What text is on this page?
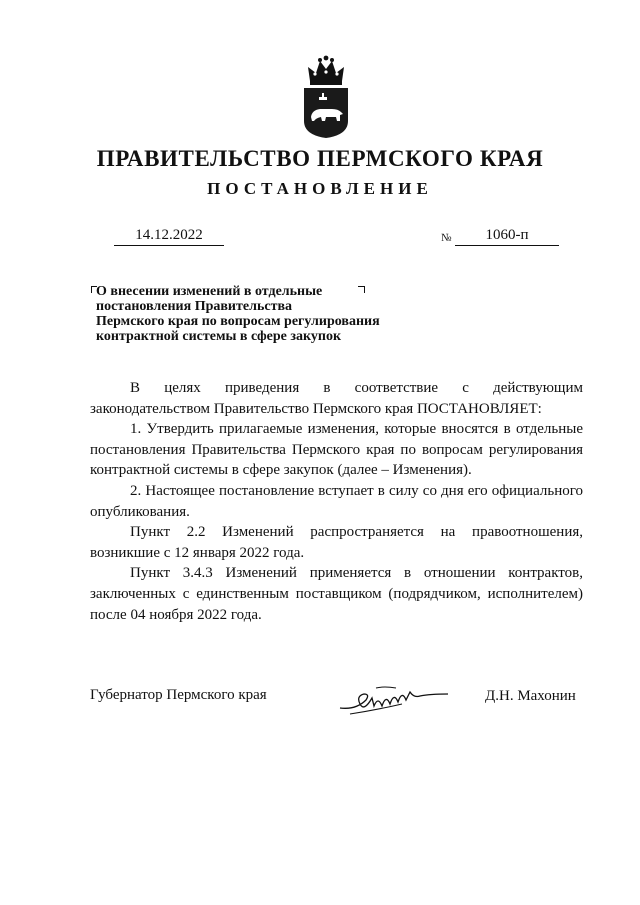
ПРАВИТЕЛЬСТВО ПЕРМСКОГО КРАЯ
ПОСТАНОВЛЕНИЕ
14.12.2022	№	1060-п
О внесении изменений в отдельные
постановления Правительства
Пермского края по вопросам регулирования
контрактной системы в сфере закупок

В целях приведения в соответствие с действующим законодательством Правительство Пермского края ПОСТАНОВЛЯЕТ:

1. Утвердить прилагаемые изменения, которые вносятся в отдельные постановления Правительства Пермского края по вопросам регулирования контрактной системы в сфере закупок (далее – Изменения).

2. Настоящее постановление вступает в силу со дня его официального опубликования.

Пункт 2.2 Изменений распространяется на правоотношения, возникшие с 12 января 2022 года.

Пункт 3.4.3 Изменений применяется в отношении контрактов, заключенных с единственным поставщиком (подрядчиком, исполнителем) после 04 ноября 2022 года.

Губернатор Пермского края	Д.Н. Махонин
